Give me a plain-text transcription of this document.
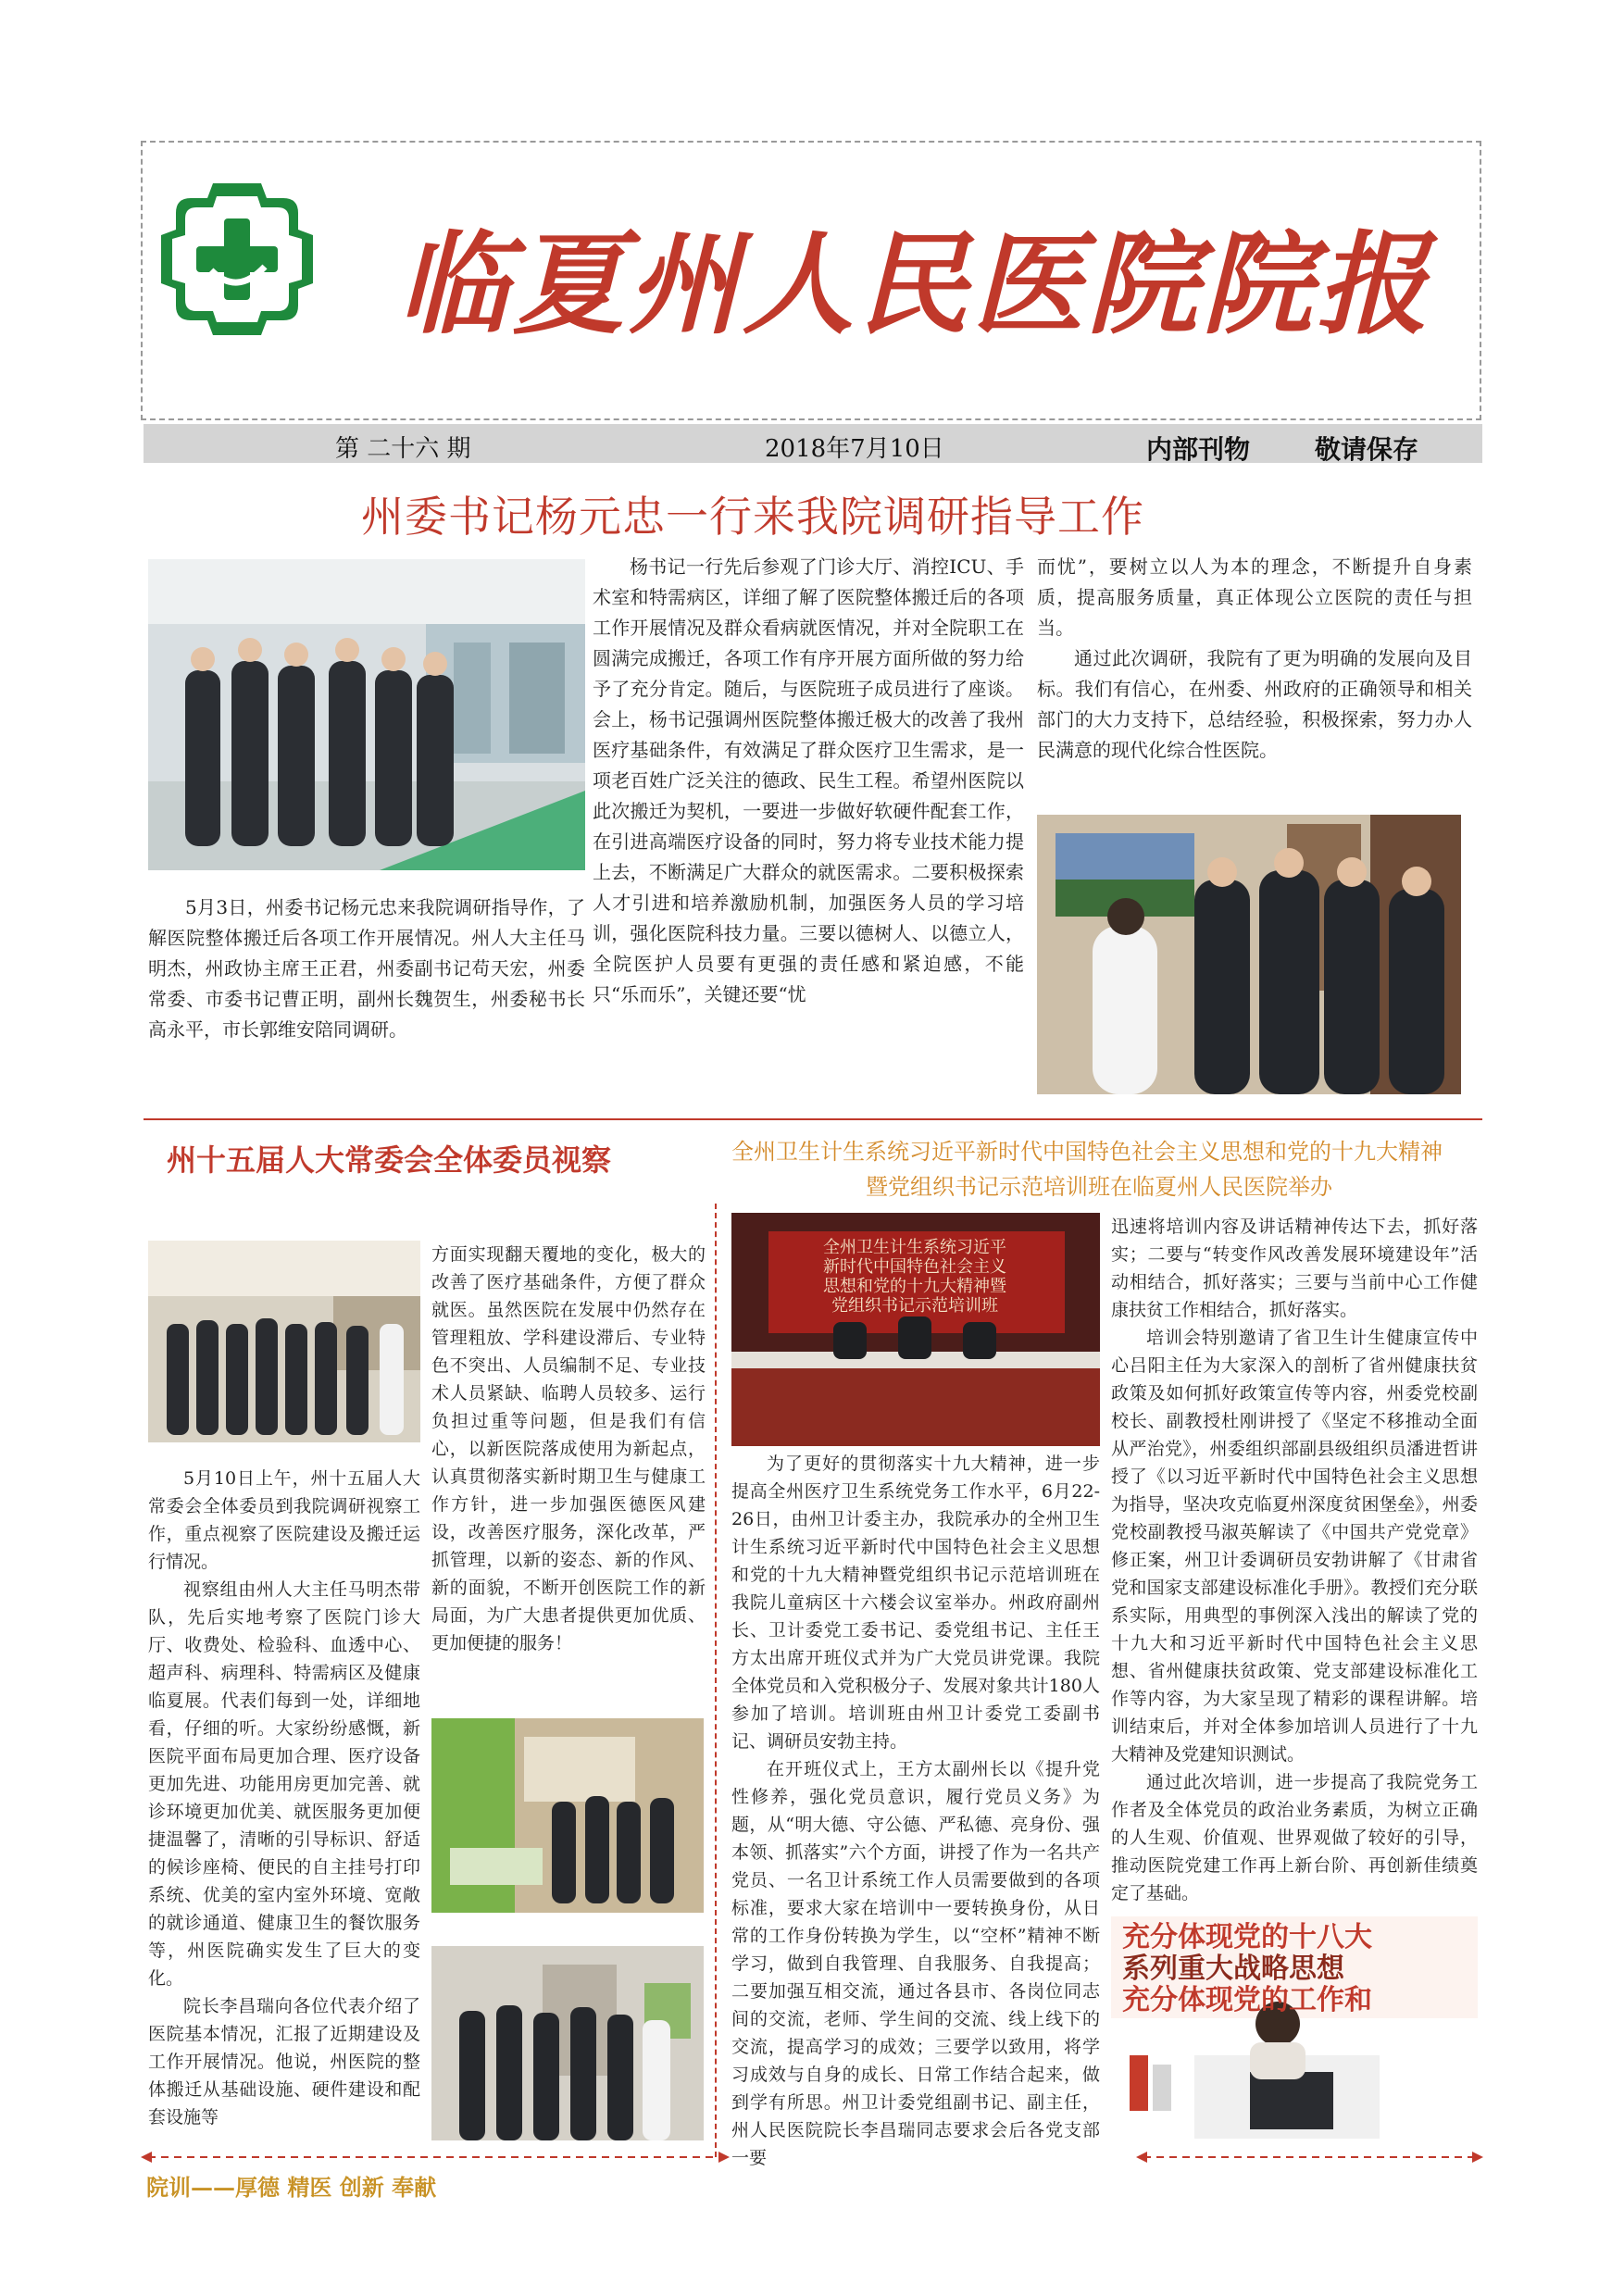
临夏州人民医院院报
第 二十六 期	2018年7月10日	内部刊物 敬请保存
州委书记杨元忠一行来我院调研指导工作

5月3日，州委书记杨元忠来我院调研指导作，了解医院整体搬迁后各项工作开展情况。州人大主任马明杰，州政协主席王正君，州委副书记苟天宏，州委常委、市委书记曹正明，副州长魏贺生，州委秘书长高永平，市长郭维安陪同调研。

杨书记一行先后参观了门诊大厅、消控ICU、手术室和特需病区，详细了解了医院整体搬迁后的各项工作开展情况及群众看病就医情况，并对全院职工在圆满完成搬迁，各项工作有序开展方面所做的努力给予了充分肯定。随后，与医院班子成员进行了座谈。会上，杨书记强调州医院整体搬迁极大的改善了我州医疗基础条件，有效满足了群众医疗卫生需求，是一项老百姓广泛关注的德政、民生工程。希望州医院以此次搬迁为契机，一要进一步做好软硬件配套工作，在引进高端医疗设备的同时，努力将专业技术能力提上去，不断满足广大群众的就医需求。二要积极探索人才引进和培养激励机制，加强医务人员的学习培训，强化医院科技力量。三要以德树人、以德立人，全院医护人员要有更强的责任感和紧迫感，不能只“乐而乐”，关键还要“忧

而忧”，要树立以人为本的理念，不断提升自身素质，提高服务质量，真正体现公立医院的责任与担当。

通过此次调研，我院有了更为明确的发展向及目标。我们有信心，在州委、州政府的正确领导和相关部门的大力支持下，总结经验，积极探索，努力办人民满意的现代化综合性医院。

州十五届人大常委会全体委员视察

5月10日上午，州十五届人大常委会全体委员到我院调研视察工作，重点视察了医院建设及搬迁运行情况。

视察组由州人大主任马明杰带队，先后实地考察了医院门诊大厅、收费处、检验科、血透中心、超声科、病理科、特需病区及健康临夏展。代表们每到一处，详细地看，仔细的听。大家纷纷感慨，新医院平面布局更加合理、医疗设备更加先进、功能用房更加完善、就诊环境更加优美、就医服务更加便捷温馨了，清晰的引导标识、舒适的候诊座椅、便民的自主挂号打印系统、优美的室内室外环境、宽敞的就诊通道、健康卫生的餐饮服务等，州医院确实发生了巨大的变化。

院长李昌瑞向各位代表介绍了医院基本情况，汇报了近期建设及工作开展情况。他说，州医院的整体搬迁从基础设施、硬件建设和配套设施等

方面实现翻天覆地的变化，极大的改善了医疗基础条件，方便了群众就医。虽然医院在发展中仍然存在管理粗放、学科建设滞后、专业特色不突出、人员编制不足、专业技术人员紧缺、临聘人员较多、运行负担过重等问题，但是我们有信心，以新医院落成使用为新起点，认真贯彻落实新时期卫生与健康工作方针，进一步加强医德医风建设，改善医疗服务，深化改革，严抓管理，以新的姿态、新的作风、新的面貌，不断开创医院工作的新局面，为广大患者提供更加优质、更加便捷的服务！

全州卫生计生系统习近平新时代中国特色社会主义思想和党的十九大精神
暨党组织书记示范培训班在临夏州人民医院举办
全州卫生计生系统习近平
新时代中国特色社会主义
思想和党的十九大精神暨
党组织书记示范培训班

为了更好的贯彻落实十九大精神，进一步提高全州医疗卫生系统党务工作水平，6月22-26日，由州卫计委主办，我院承办的全州卫生计生系统习近平新时代中国特色社会主义思想和党的十九大精神暨党组织书记示范培训班在我院儿童病区十六楼会议室举办。州政府副州长、卫计委党工委书记、委党组书记、主任王方太出席开班仪式并为广大党员讲党课。我院全体党员和入党积极分子、发展对象共计180人参加了培训。培训班由州卫计委党工委副书记、调研员安勃主持。

在开班仪式上，王方太副州长以《提升党性修养，强化党员意识，履行党员义务》为题，从“明大德、守公德、严私德、亮身份、强本领、抓落实”六个方面，讲授了作为一名共产党员、一名卫计系统工作人员需要做到的各项标准，要求大家在培训中一要转换身份，从日常的工作身份转换为学生，以“空杯”精神不断学习，做到自我管理、自我服务、自我提高；二要加强互相交流，通过各县市、各岗位同志间的交流，老师、学生间的交流、线上线下的交流，提高学习的成效；三要学以致用，将学习成效与自身的成长、日常工作结合起来，做到学有所思。州卫计委党组副书记、副主任，州人民医院院长李昌瑞同志要求会后各党支部一要

迅速将培训内容及讲话精神传达下去，抓好落实；二要与“转变作风改善发展环境建设年”活动相结合，抓好落实；三要与当前中心工作健康扶贫工作相结合，抓好落实。

培训会特别邀请了省卫生计生健康宣传中心吕阳主任为大家深入的剖析了省州健康扶贫政策及如何抓好政策宣传等内容，州委党校副校长、副教授杜刚讲授了《坚定不移推动全面从严治党》，州委组织部副县级组织员潘进哲讲授了《以习近平新时代中国特色社会主义思想为指导，坚决攻克临夏州深度贫困堡垒》，州委党校副教授马淑英解读了《中国共产党党章》修正案，州卫计委调研员安勃讲解了《甘肃省党和国家支部建设标准化手册》。教授们充分联系实际，用典型的事例深入浅出的解读了党的十九大和习近平新时代中国特色社会主义思想、省州健康扶贫政策、党支部建设标准化工作等内容，为大家呈现了精彩的课程讲解。培训结束后，并对全体参加培训人员进行了十九大精神及党建知识测试。

通过此次培训，进一步提高了我院党务工作者及全体党员的政治业务素质，为树立正确的人生观、价值观、世界观做了较好的引导，推动医院党建工作再上新台阶、再创新佳绩奠定了基础。

充分体现党的十八大
系列重大战略思想
充分体现党的工作和
院训——厚德 精医 创新 奉献
